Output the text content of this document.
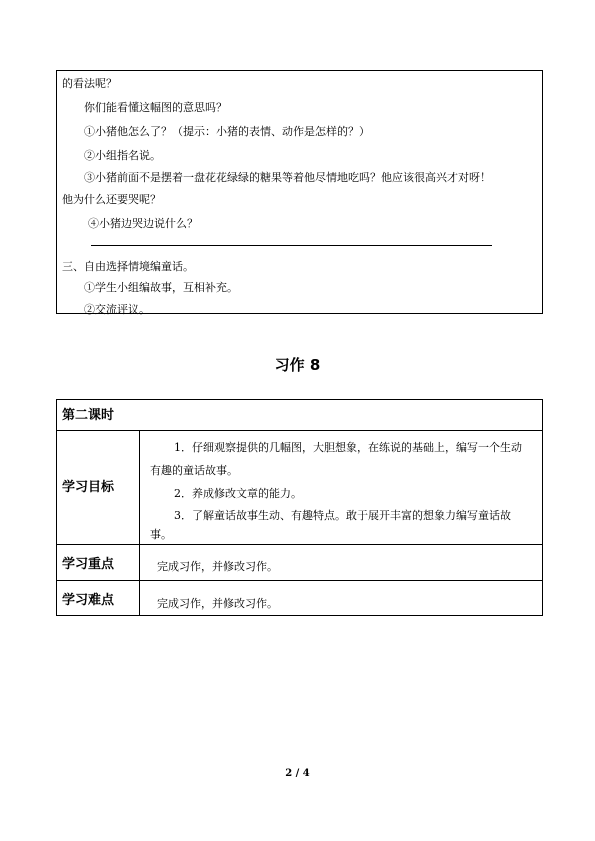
的看法呢？
你们能看懂这幅图的意思吗？
①小猪他怎么了？（提示：小猪的表情、动作是怎样的？）
②小组指名说。
③小猪前面不是摆着一盘花花绿绿的糖果等着他尽情地吃吗？他应该很高兴才对呀！
他为什么还要哭呢？
④小猪边哭边说什么？
三、自由选择情境编童话。
①学生小组编故事，互相补充。
②交流评议。
习作 8
第二课时
学习目标
1．仔细观察提供的几幅图，大胆想象，在练说的基础上，编写一个生动
有趣的童话故事。
2．养成修改文章的能力。
3．了解童话故事生动、有趣特点。敢于展开丰富的想象力编写童话故
事。
学习重点	完成习作，并修改习作。
学习难点	完成习作，并修改习作。
2 / 4
